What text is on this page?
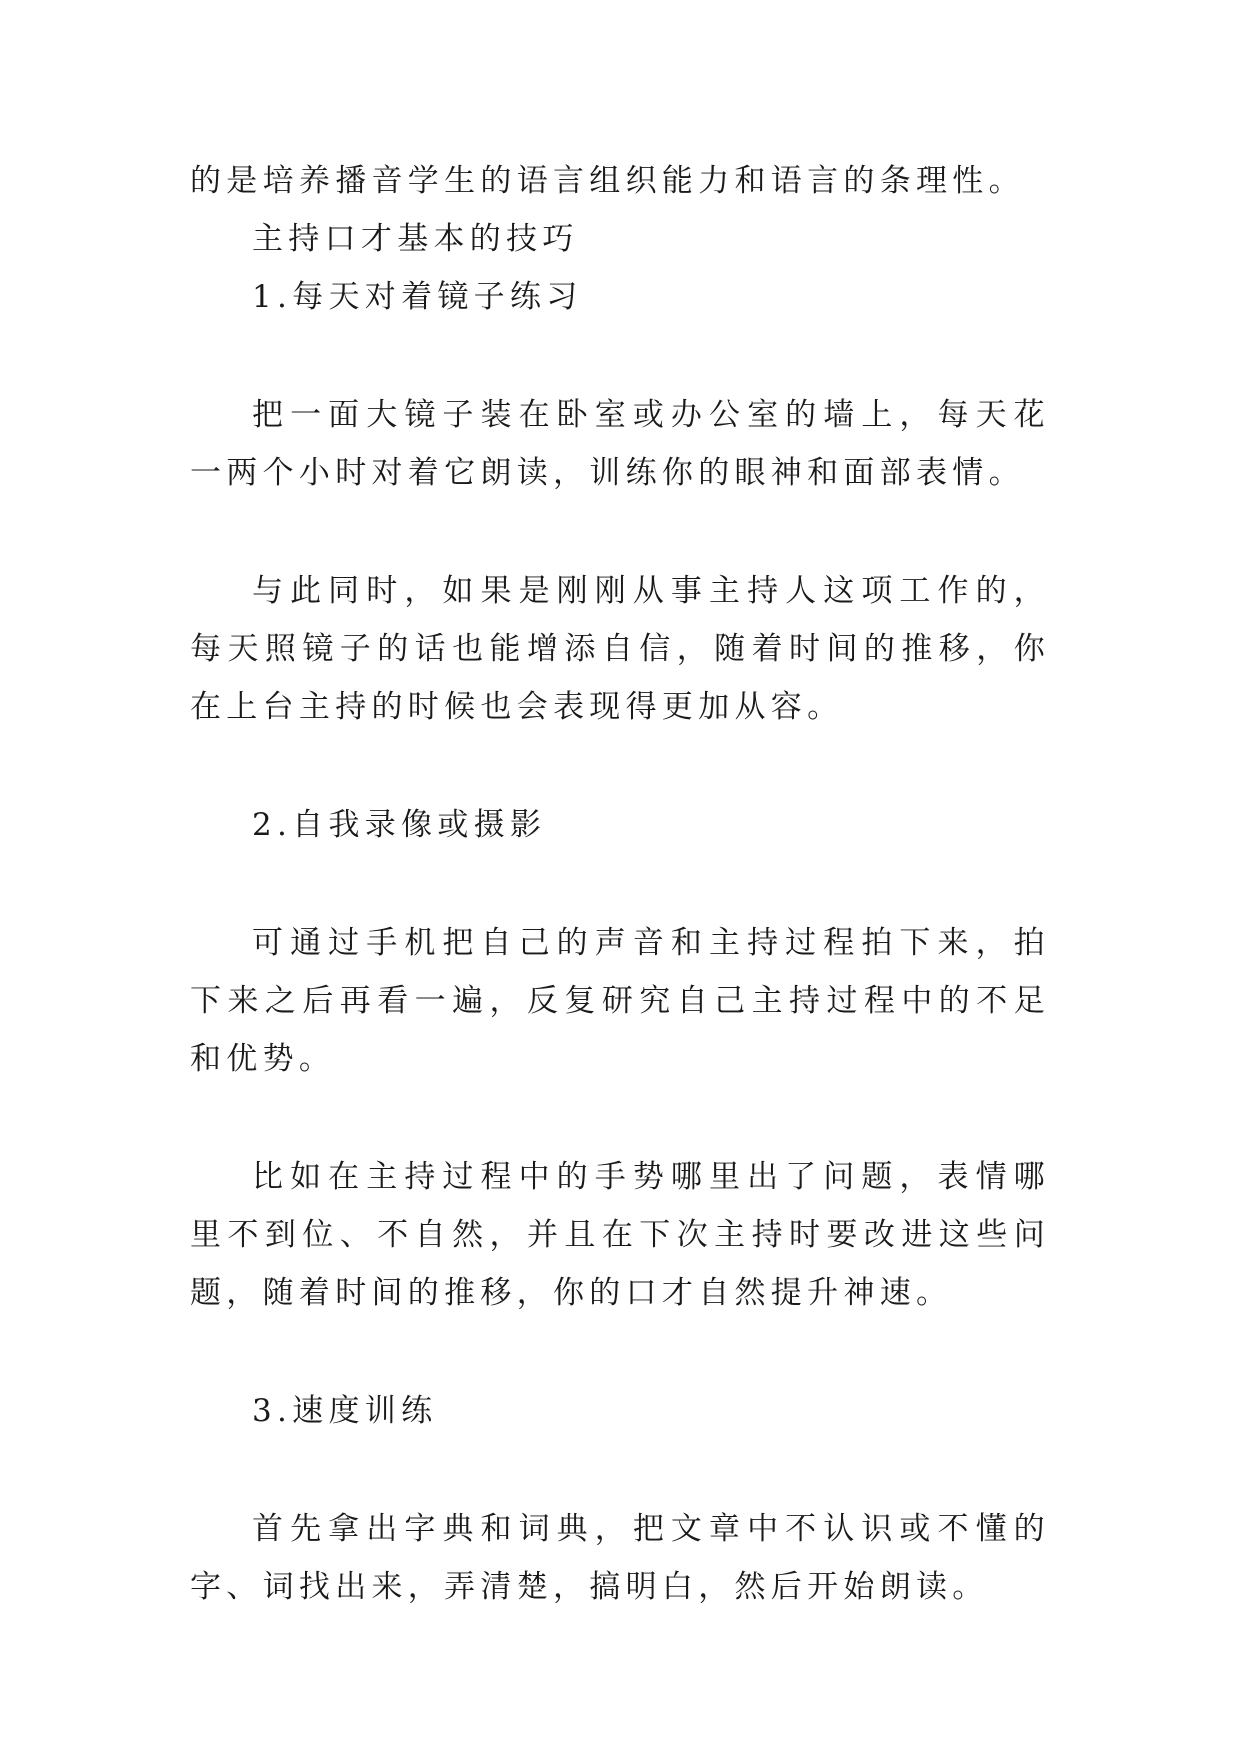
的是培养播音学生的语言组织能力和语言的条理性。
主持口才基本的技巧
1.每天对着镜子练习

把一面大镜子装在卧室或办公室的墙上，每天花一两个小时对着它朗读，训练你的眼神和面部表情。

与此同时，如果是刚刚从事主持人这项工作的，每天照镜子的话也能增添自信，随着时间的推移，你在上台主持的时候也会表现得更加从容。

2.自我录像或摄影

可通过手机把自己的声音和主持过程拍下来，拍下来之后再看一遍，反复研究自己主持过程中的不足和优势。

比如在主持过程中的手势哪里出了问题，表情哪里不到位、不自然，并且在下次主持时要改进这些问题，随着时间的推移，你的口才自然提升神速。

3.速度训练

首先拿出字典和词典，把文章中不认识或不懂的字、词找出来，弄清楚，搞明白，然后开始朗读。
